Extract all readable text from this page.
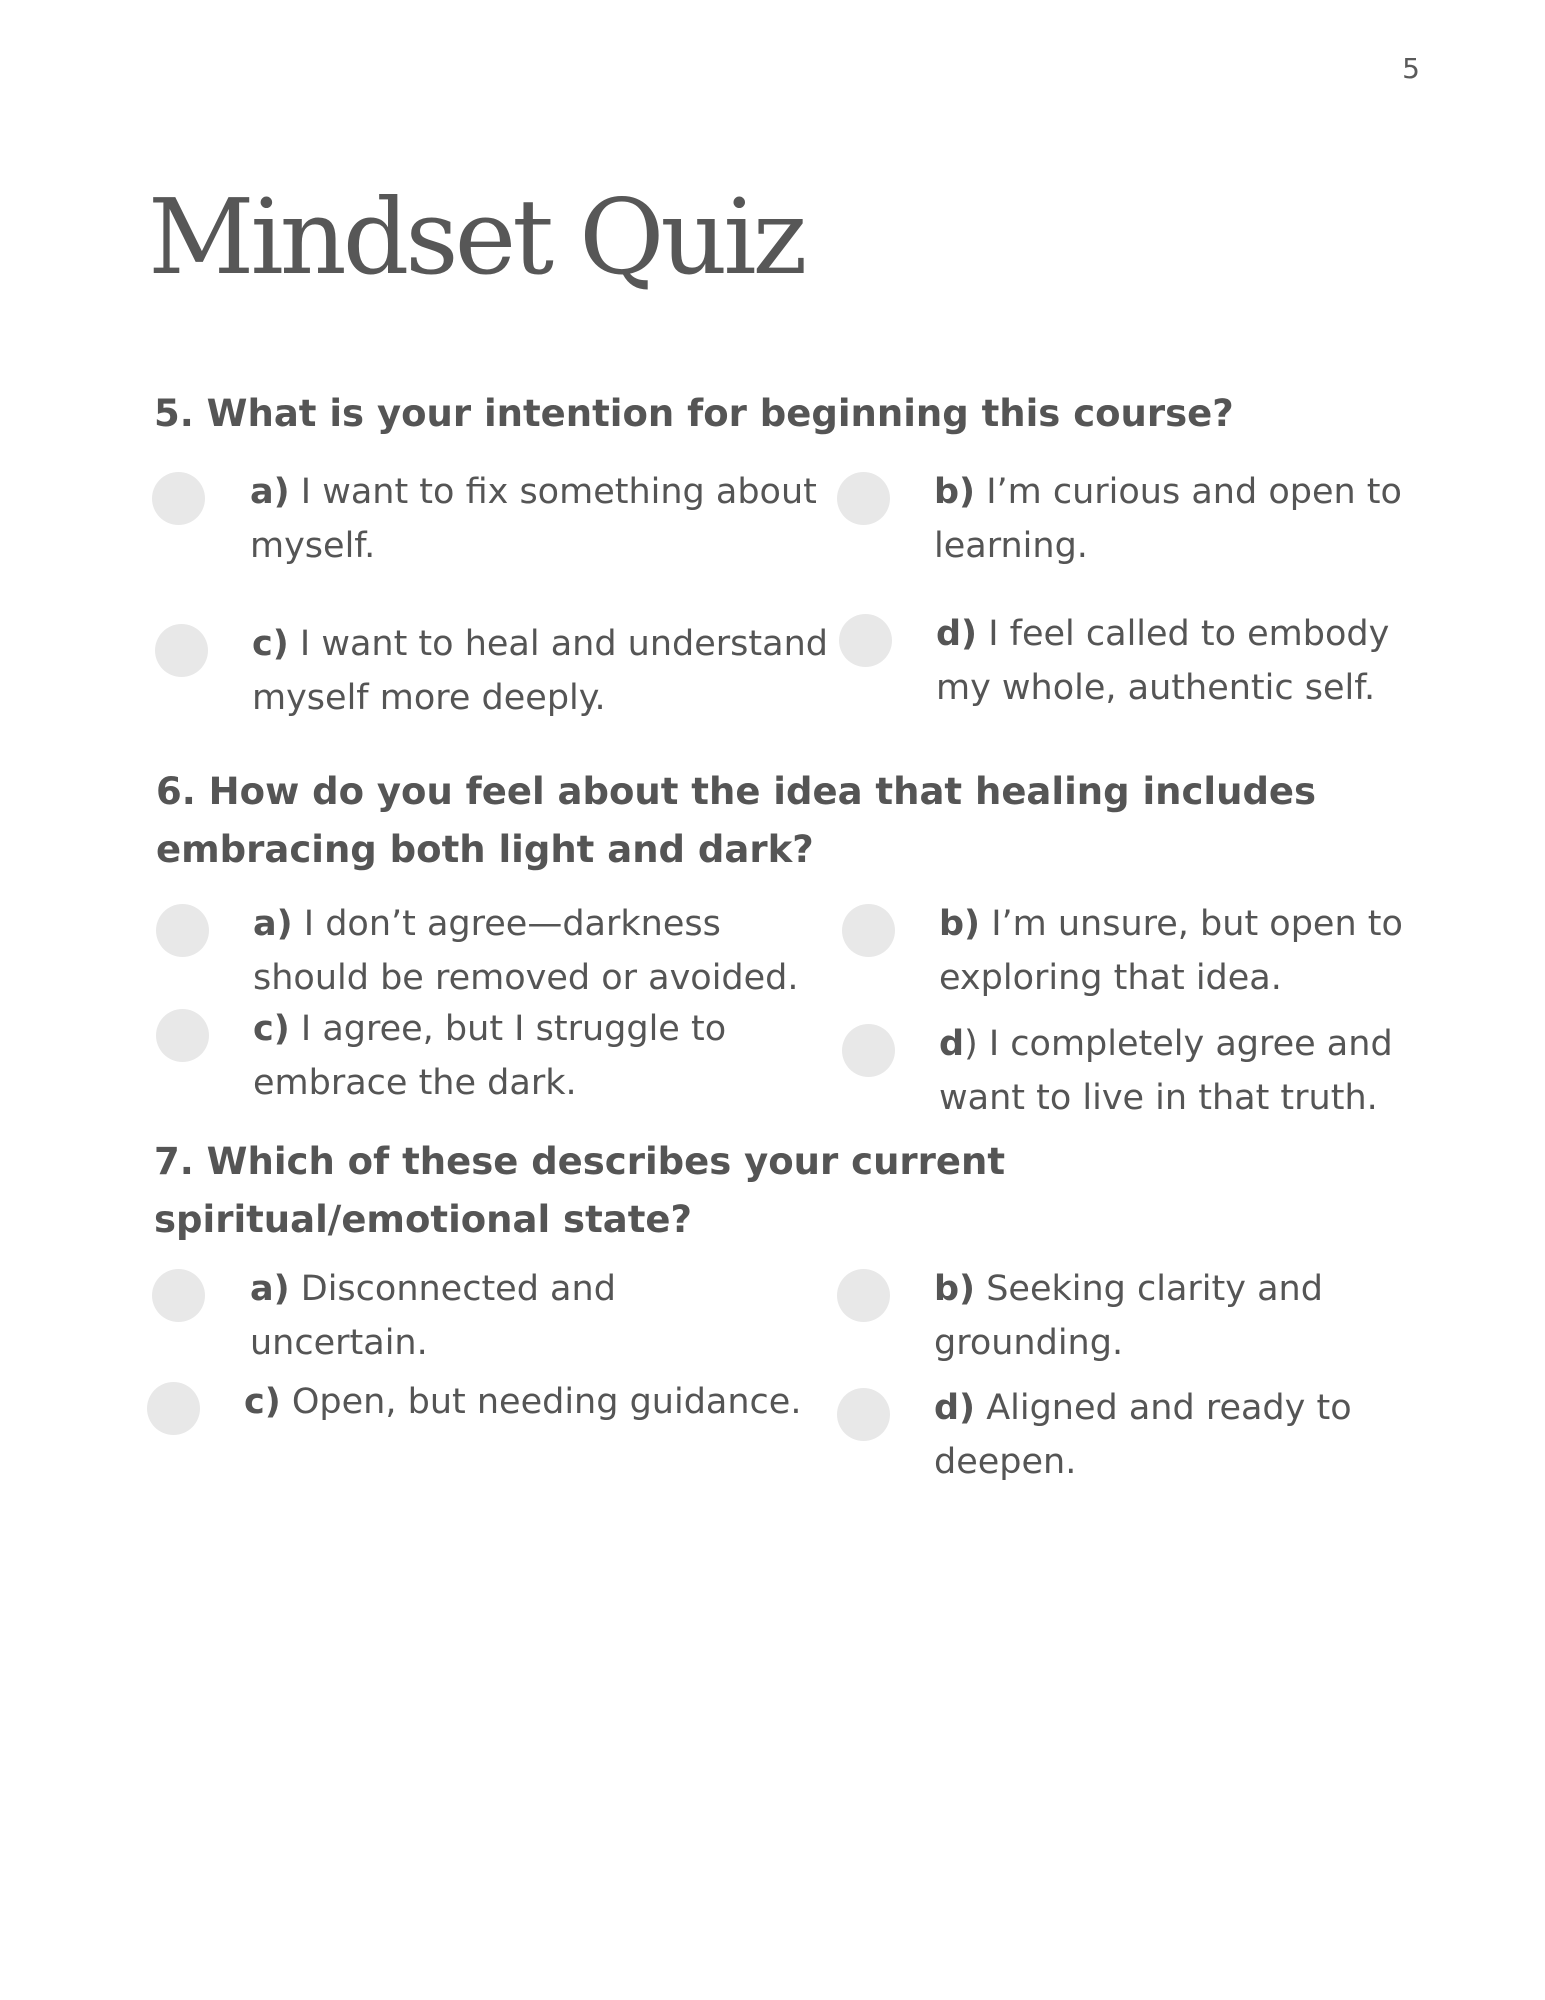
5
Mindset Quiz

5. What is your intention for beginning this course?

a) I want to fix something about myself.
b) I’m curious and open to learning.
c) I want to heal and understand myself more deeply.
d) I feel called to embody my whole, authentic self.

6. How do you feel about the idea that healing includes embracing both light and dark?

a) I don’t agree—darkness should be removed or avoided.
b) I’m unsure, but open to exploring that idea.
c) I agree, but I struggle to embrace the dark.
d) I completely agree and want to live in that truth.

7. Which of these describes your current spiritual/emotional state?

a) Disconnected and uncertain.
b) Seeking clarity and grounding.
c) Open, but needing guidance.	d) Aligned and ready to deepen.
